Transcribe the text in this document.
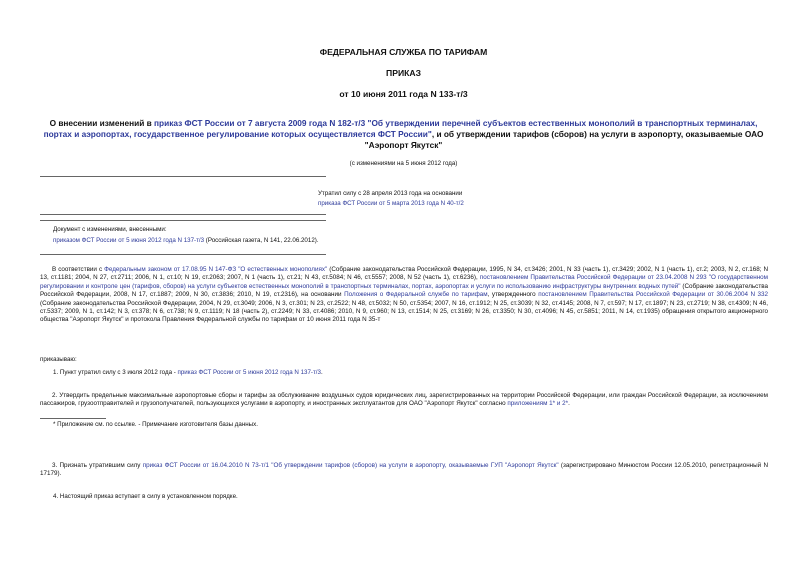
ФЕДЕРАЛЬНАЯ СЛУЖБА ПО ТАРИФАМ
ПРИКАЗ
от 10 июня 2011 года N 133-т/3
О внесении изменений в приказ ФСТ России от 7 августа 2009 года N 182-т/3 "Об утверждении перечней субъектов естественных монополий в транспортных терминалах, портах и аэропортах, государственное регулирование которых осуществляется ФСТ России", и об утверждении тарифов (сборов) на услуги в аэропорту, оказываемые ОАО "Аэропорт Якутск"
(с изменениями на 5 июня 2012 года)
Утратил силу с 28 апреля 2013 года на основании
приказа ФСТ России от 5 марта 2013 года N 40-т/2
Документ с изменениями, внесенными:
приказом ФСТ России от 5 июня 2012 года N 137-т/3 (Российская газета, N 141, 22.06.2012).
В соответствии с Федеральным законом от 17.08.95 N 147-ФЗ "О естественных монополиях" (Собрание законодательства Российской Федерации, 1995, N 34, ст.3426; 2001, N 33 (часть 1), ст.3429; 2002, N 1 (часть 1), ст.2; 2003, N 2, ст.168; N 13, ст.1181; 2004, N 27, ст.2711; 2006, N 1, ст.10; N 19, ст.2063; 2007, N 1 (часть 1), ст.21; N 43, ст.5084; N 46, ст.5557; 2008, N 52 (часть 1), ст.6236), постановлением Правительства Российской Федерации от 23.04.2008 N 293 "О государственном регулировании и контроле цен (тарифов, сборов) на услуги субъектов естественных монополий в транспортных терминалах, портах, аэропортах и услуги по использованию инфраструктуры внутренних водных путей" (Собрание законодательства Российской Федерации, 2008, N 17, ст.1887; 2009, N 30, ст.3836; 2010, N 19, ст.2316), на основании Положения о Федеральной службе по тарифам, утвержденного постановлением Правительства Российской Федерации от 30.06.2004 N 332 (Собрание законодательства Российской Федерации, 2004, N 29, ст.3049; 2006, N 3, ст.301; N 23, ст.2522; N 48, ст.5032; N 50, ст.5354; 2007, N 16, ст.1912; N 25, ст.3039; N 32, ст.4145; 2008, N 7, ст.597; N 17, ст.1897; N 23, ст.2719; N 38, ст.4309; N 46, ст.5337; 2009, N 1, ст.142; N 3, ст.378; N 6, ст.738; N 9, ст.1119; N 18 (часть 2), ст.2249; N 33, ст.4086; 2010, N 9, ст.960; N 13, ст.1514; N 25, ст.3169; N 26, ст.3350; N 30, ст.4096; N 45, ст.5851; 2011, N 14, ст.1935) обращения открытого акционерного общества "Аэропорт Якутск" и протокола Правления Федеральной службы по тарифам от 10 июня 2011 года N 35-т
приказываю:
1. Пункт утратил силу с 3 июля 2012 года - приказ ФСТ России от 5 июня 2012 года N 137-т/3.
2. Утвердить предельные максимальные аэропортовые сборы и тарифы за обслуживание воздушных судов юридических лиц, зарегистрированных на территории Российской Федерации, или граждан Российской Федерации, за исключением пассажиров, грузоотправителей и грузополучателей, пользующихся услугами в аэропорту, и иностранных эксплуатантов для ОАО "Аэропорт Якутск" согласно приложениям 1* и 2*.
* Приложение см. по ссылке. - Примечание изготовителя базы данных.
3. Признать утратившим силу приказ ФСТ России от 16.04.2010 N 73-т/1 "Об утверждении тарифов (сборов) на услуги в аэропорту, оказываемые ГУП "Аэропорт Якутск" (зарегистрировано Минюстом России 12.05.2010, регистрационный N 17179).
4. Настоящий приказ вступает в силу в установленном порядке.
